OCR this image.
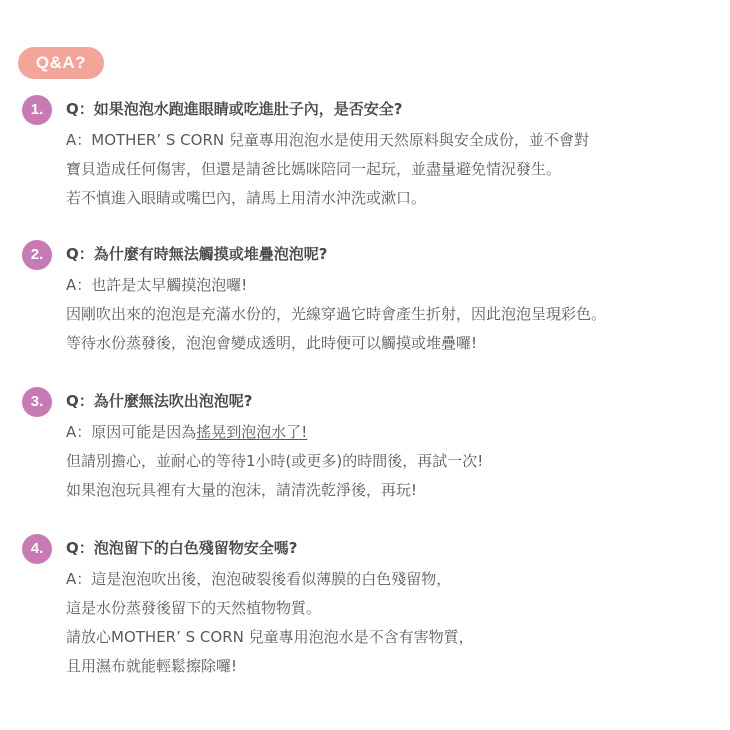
Q&A?
1.	Q：如果泡泡水跑進眼睛或吃進肚子內，是否安全?
A：MOTHER’ S CORN 兒童專用泡泡水是使用天然原料與安全成份，並不會對
寶貝造成任何傷害，但還是請爸比媽咪陪同一起玩，並盡量避免情況發生。
若不慎進入眼睛或嘴巴內，請馬上用清水沖洗或漱口。
2.	Q：為什麼有時無法觸摸或堆疊泡泡呢?
A：也許是太早觸摸泡泡囉!
因剛吹出來的泡泡是充滿水份的，光線穿過它時會產生折射，因此泡泡呈現彩色。
等待水份蒸發後，泡泡會變成透明，此時便可以觸摸或堆疊囉!
3.	Q：為什麼無法吹出泡泡呢?
A：原因可能是因為搖晃到泡泡水了!
但請別擔心，並耐心的等待1小時(或更多)的時間後，再試一次!
如果泡泡玩具裡有大量的泡沫，請清洗乾淨後，再玩!
4.	Q：泡泡留下的白色殘留物安全嗎?
A：這是泡泡吹出後，泡泡破裂後看似薄膜的白色殘留物，
這是水份蒸發後留下的天然植物物質。
請放心MOTHER’ S CORN 兒童專用泡泡水是不含有害物質，
且用濕布就能輕鬆擦除囉!
